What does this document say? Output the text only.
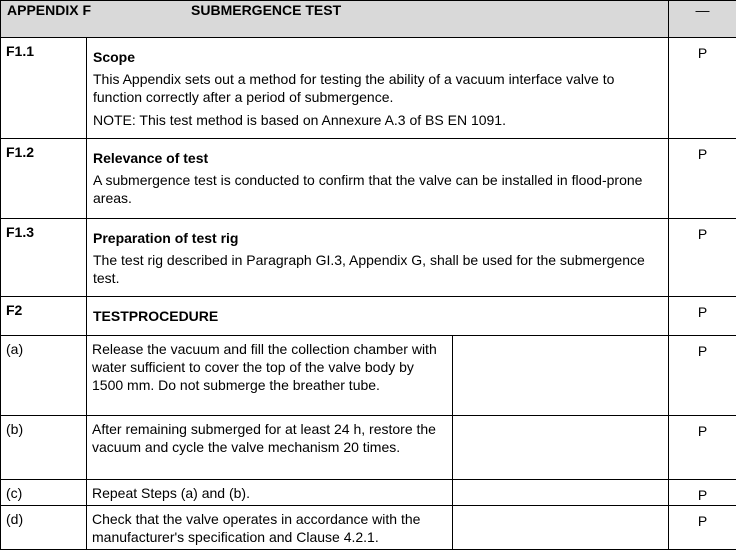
APPENDIX F SUBMERGENCE TEST			—
F1.1	Scope

This Appendix sets out a method for testing the ability of a vacuum interface valve to function correctly after a period of submergence.

NOTE: This test method is based on Annexure A.3 of BS EN 1091.		P
F1.2	Relevance of test

A submergence test is conducted to confirm that the valve can be installed in flood-prone areas.		P
F1.3	Preparation of test rig

The test rig described in Paragraph GI.3, Appendix G, shall be used for the submergence test.		P
F2	TESTPROCEDURE		P
(a)	Release the vacuum and fill the collection chamber with water sufficient to cover the top of the valve body by 1500 mm. Do not submerge the breather tube.		P
(b)	After remaining submerged for at least 24 h, restore the vacuum and cycle the valve mechanism 20 times.		P
(c)	Repeat Steps (a) and (b).		P
(d)	Check that the valve operates in accordance with the manufacturer's specification and Clause 4.2.1.		P
